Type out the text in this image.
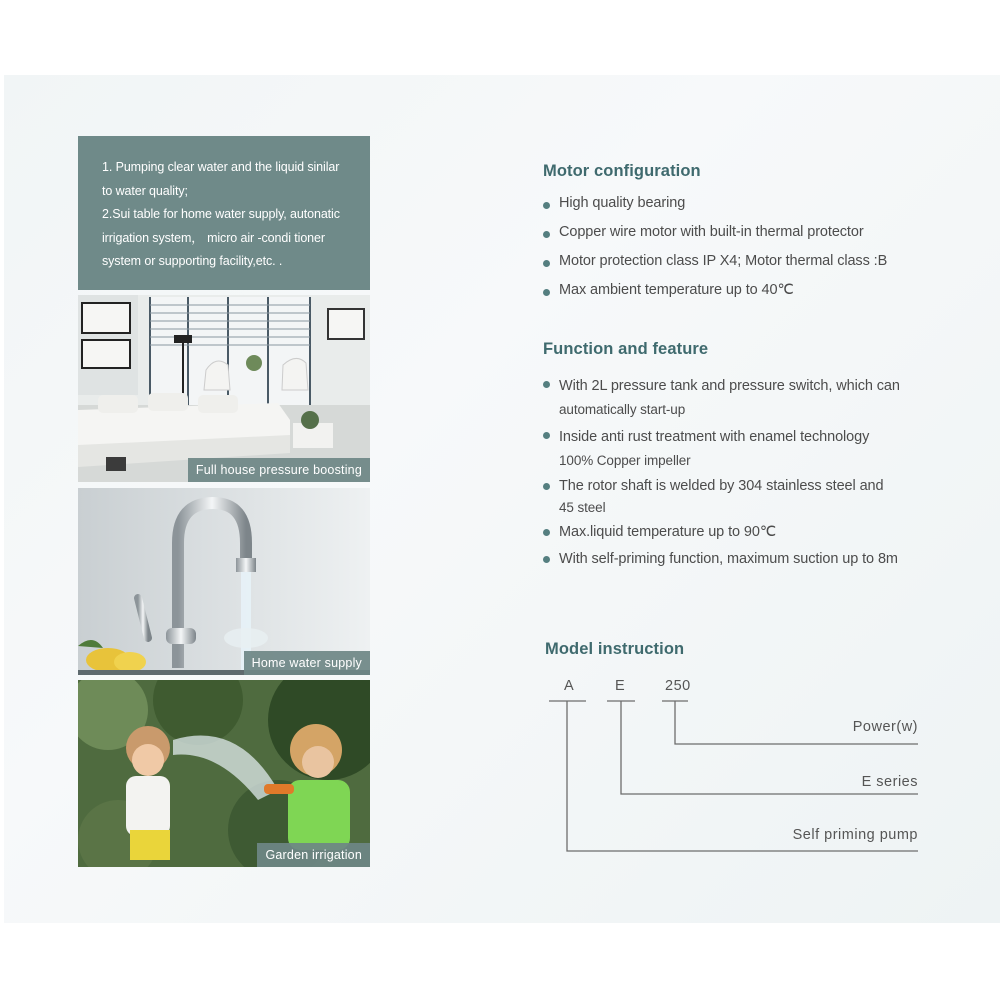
1. Pumping clear water and the liquid sinilar
to water quality;

2.Sui table for home water supply, autonatic
irrigation system， micro air -condi tioner
system or supporting facility,etc. .

Full house pressure boosting
Home water supply
Garden irrigation
Motor configuration
High quality bearing
Copper wire motor with built-in thermal protector
Motor protection class IP X4; Motor thermal class :B
Max ambient temperature up to 40℃
Function and feature
With 2L pressure tank and pressure switch, which can
automatically start-up
Inside anti rust treatment with enamel technology
100% Copper impeller
The rotor shaft is welded by 304 stainless steel and
45 steel
Max.liquid temperature up to 90℃
With self-priming function, maximum suction up to 8m
Model instruction
A	E	250
Power(w)
E series
Self priming pump
